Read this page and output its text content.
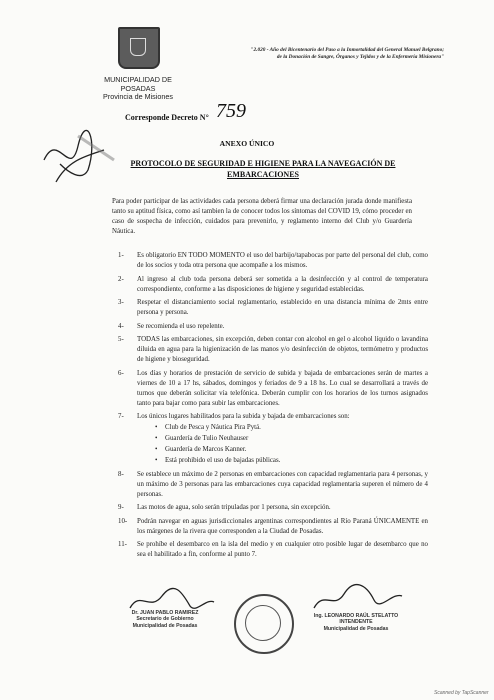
MUNICIPALIDAD DE POSADAS
Provincia de Misiones
"2.020 - Año del Bicentenario del Paso a la Inmortalidad del General Manuel Belgrano;
de la Donación de Sangre, Órganos y Tejidos y de la Enfermería Misionera"
Corresponde Decreto N° 759
ANEXO ÚNICO
PROTOCOLO DE SEGURIDAD E HIGIENE PARA LA NAVEGACIÓN DE EMBARCACIONES
Para poder participar de las actividades cada persona deberá firmar una declaración jurada donde manifiesta tanto su aptitud física, como así tambien la de conocer todos los síntomas del COVID 19, cómo proceder en caso de sospecha de infección, cuidados para prevenirlo, y reglamento interno del Club y/o Guardería Náutica.
1- Es obligatorio EN TODO MOMENTO el uso del barbijo/tapabocas por parte del personal del club, como de los socios y toda otra persona que acompañe a los mismos.
2- Al ingreso al club toda persona deberá ser sometida a la desinfección y al control de temperatura correspondiente, conforme a las disposiciones de higiene y seguridad establecidas.
3- Respetar el distanciamiento social reglamentario, establecido en una distancia mínima de 2mts entre persona y persona.
4- Se recomienda el uso repelente.
5- TODAS las embarcaciones, sin excepción, deben contar con alcohol en gel o alcohol líquido o lavandina diluida en agua para la higienización de las manos y/o desinfección de objetos, termómetro y productos de higiene y bioseguridad.
6- Los días y horarios de prestación de servicio de subida y bajada de embarcaciones serán de martes a viernes de 10 a 17 hs, sábados, domingos y feriados de 9 a 18 hs. Lo cual se desarrollará a través de turnos que deberán solicitar vía telefónica. Deberán cumplir con los horarios de los turnos asignados tanto para bajar como para subir las embarcaciones.
7- Los únicos lugares habilitados para la subida y bajada de embarcaciones son:
• Club de Pesca y Náutica Pira Pytá.
• Guardería de Tulio Neuhauser
• Guardería de Marcos Kanner.
• Está prohibido el uso de bajadas públicas.
8- Se establece un máximo de 2 personas en embarcaciones con capacidad reglamentaria para 4 personas, y un máximo de 3 personas para las embarcaciones cuya capacidad reglamentaria superen el número de 4 personas.
9- Las motos de agua, solo serán tripuladas por 1 persona, sin excepción.
10- Podrán navegar en aguas jurisdiccionales argentinas correspondientes al Río Paraná ÚNICAMENTE en los márgenes de la rivera que corresponden a la Ciudad de Posadas.
11- Se prohíbe el desembarco en la isla del medio y en cualquier otro posible lugar de desembarco que no sea el habilitado a fin, conforme al punto 7.
Dr. JUAN PABLO RAMIREZ
Secretario de Gobierno
Municipalidad de Posadas
Ing. LEONARDO RAÚL STELATTO
INTENDENTE
Municipalidad de Posadas
Scanned by TapScanner
